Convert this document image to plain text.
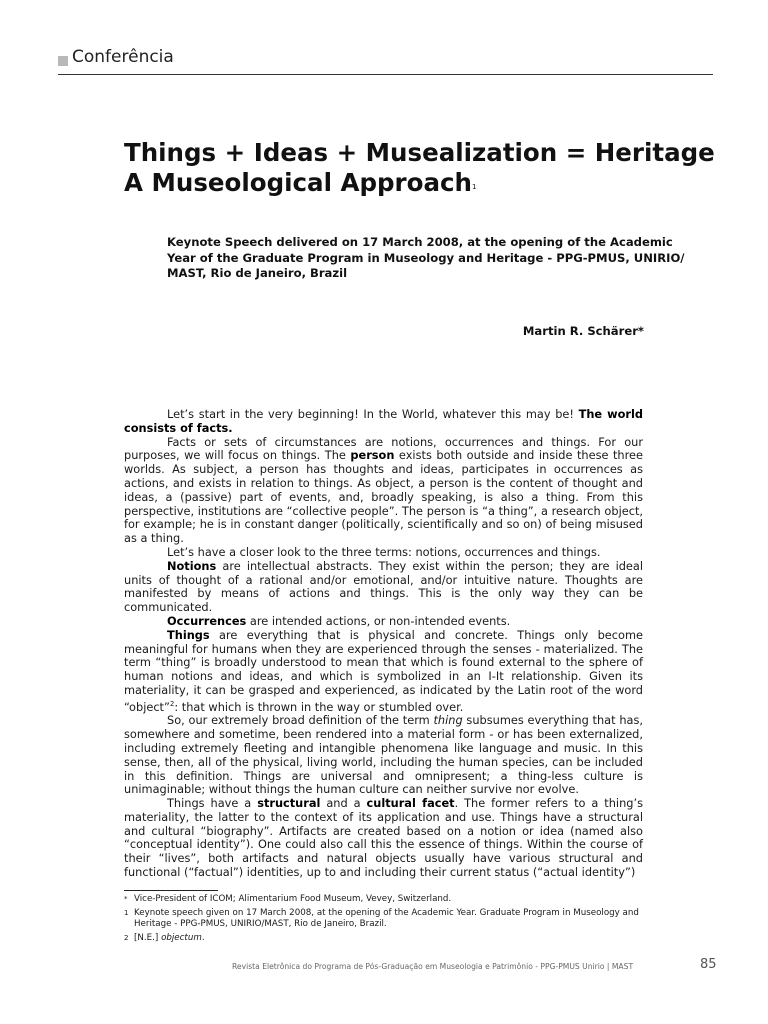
Conferência
Things + Ideas + Musealization = Heritage
A Museological Approach$^1$

Keynote Speech delivered on 17 March 2008, at the opening of the Academic

Year of the Graduate Program in Museology and Heritage - PPG-PMUS, UNIRIO/

MAST, Rio de Janeiro, Brazil

Martin R. Schärer*

Let’s start in the very beginning! In the World, whatever this may be! The world consists of facts.

Facts or sets of circumstances are notions, occurrences and things. For our purposes, we will focus on things. The person exists both outside and inside these three worlds. As subject, a person has thoughts and ideas, participates in occurrences as actions, and exists in relation to things. As object, a person is the content of thought and ideas, a (passive) part of events, and, broadly speaking, is also a thing. From this perspective, institutions are “collective people”. The person is “a thing”, a research object, for example; he is in constant danger (politically, scientifically and so on) of being misused as a thing.

Let’s have a closer look to the three terms: notions, occurrences and things.

Notions are intellectual abstracts. They exist within the person; they are ideal units of thought of a rational and/or emotional, and/or intuitive nature. Thoughts are manifested by means of actions and things. This is the only way they can be communicated.

Occurrences are intended actions, or non-intended events.

Things are everything that is physical and concrete. Things only become meaningful for humans when they are experienced through the senses - materialized. The term “thing” is broadly understood to mean that which is found external to the sphere of human notions and ideas, and which is symbolized in an I-It relationship. Given its materiality, it can be grasped and experienced, as indicated by the Latin root of the word “object”$^2$: that which is thrown in the way or stumbled over.

So, our extremely broad definition of the term thing subsumes everything that has, somewhere and sometime, been rendered into a material form - or has been externalized, including extremely fleeting and intangible phenomena like language and music. In this sense, then, all of the physical, living world, including the human species, can be included in this definition. Things are universal and omnipresent; a thing-less culture is unimaginable; without things the human culture can neither survive nor evolve.

Things have a structural and a cultural facet. The former refers to a thing’s materiality, the latter to the context of its application and use. Things have a structural and cultural “biography”. Artifacts are created based on a notion or idea (named also “conceptual identity”). One could also call this the essence of things. Within the course of their “lives”, both artifacts and natural objects usually have various structural and functional (“factual”) identities, up to and including their current status (“actual identity”)

* Vice-President of ICOM; Alimentarium Food Museum, Vevey, Switzerland.
1 Keynote speech given on 17 March 2008, at the opening of the Academic Year. Graduate Program in Museology and Heritage - PPG-PMUS, UNIRIO/MAST, Rio de Janeiro, Brazil.
2 [N.E.] objectum.
Revista Eletrônica do Programa de Pós-Graduação em Museologia e Patrimônio - PPG-PMUS Unirio | MAST	85
